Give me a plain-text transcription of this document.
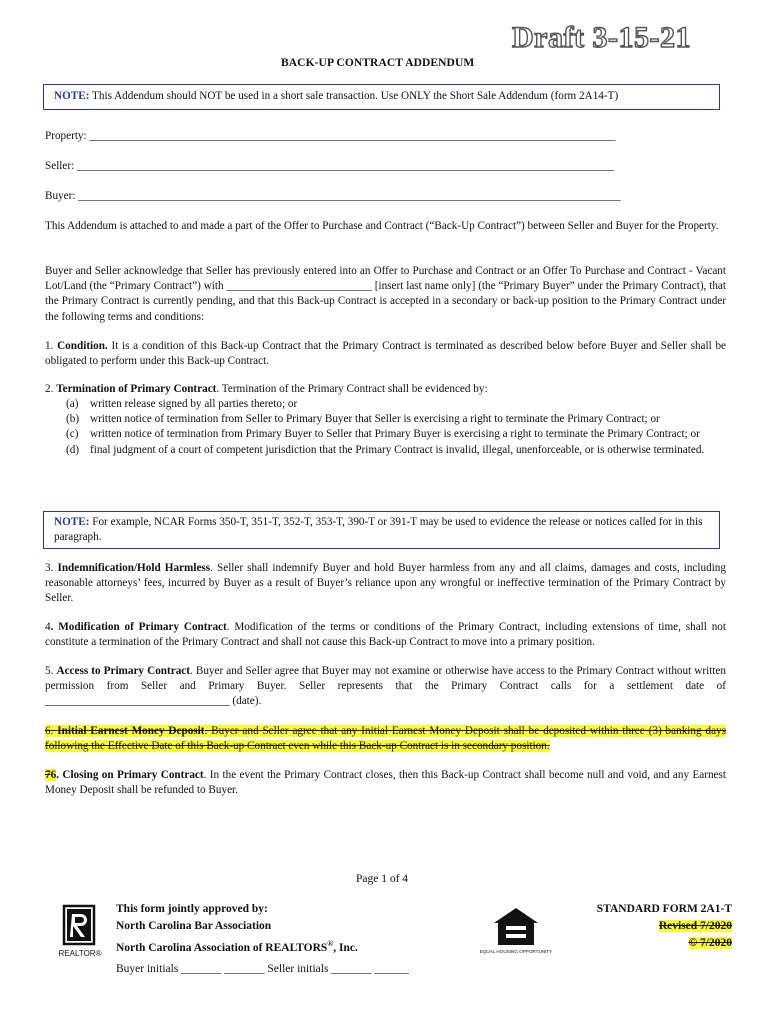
BACK-UP CONTRACT ADDENDUM
Draft 3-15-21
NOTE: This Addendum should NOT be used in a short sale transaction. Use ONLY the Short Sale Addendum (form 2A14-T)
Property: ______________________________________________________________________________________________
Seller: ________________________________________________________________________________________________
Buyer: _________________________________________________________________________________________________
This Addendum is attached to and made a part of the Offer to Purchase and Contract (“Back-Up Contract”) between Seller and Buyer for the Property.
Buyer and Seller acknowledge that Seller has previously entered into an Offer to Purchase and Contract or an Offer To Purchase and Contract - Vacant Lot/Land (the “Primary Contract”) with __________________________ [insert last name only] (the “Primary Buyer” under the Primary Contract), that the Primary Contract is currently pending, and that this Back-up Contract is accepted in a secondary or back-up position to the Primary Contract under the following terms and conditions:
1. Condition. It is a condition of this Back-up Contract that the Primary Contract is terminated as described below before Buyer and Seller shall be obligated to perform under this Back-up Contract.
2. Termination of Primary Contract. Termination of the Primary Contract shall be evidenced by:
(a)	written release signed by all parties thereto; or
(b) written notice of termination from Seller to Primary Buyer that Seller is exercising a right to terminate the Primary Contract; or
(c)	written notice of termination from Primary Buyer to Seller that Primary Buyer is exercising a right to terminate the Primary Contract; or
(d) final judgment of a court of competent jurisdiction that the Primary Contract is invalid, illegal, unenforceable, or is otherwise terminated.
NOTE: For example, NCAR Forms 350-T, 351-T, 352-T, 353-T, 390-T or 391-T may be used to evidence the release or notices called for in this paragraph.
3. Indemnification/Hold Harmless. Seller shall indemnify Buyer and hold Buyer harmless from any and all claims, damages and costs, including reasonable attorneys’ fees, incurred by Buyer as a result of Buyer’s reliance upon any wrongful or ineffective termination of the Primary Contract by Seller.
4. Modification of Primary Contract. Modification of the terms or conditions of the Primary Contract, including extensions of time, shall not constitute a termination of the Primary Contract and shall not cause this Back-up Contract to move into a primary position.
5. Access to Primary Contract. Buyer and Seller agree that Buyer may not examine or otherwise have access to the Primary Contract without written permission from Seller and Primary Buyer. Seller represents that the Primary Contract calls for a settlement date of _________________________________ (date).
6. Initial Earnest Money Deposit. Buyer and Seller agree that any Initial Earnest Money Deposit shall be deposited within three (3) banking days following the Effective Date of this Back-up Contract even while this Back-up Contract is in secondary position.
76. Closing on Primary Contract. In the event the Primary Contract closes, then this Back-up Contract shall become null and void, and any Earnest Money Deposit shall be refunded to Buyer.
Page 1 of 4
REALTOR®
This form jointly approved by:
North Carolina Bar Association
North Carolina Association of REALTORS®, Inc.	EQUAL HOUSING OPPORTUNITY
STANDARD FORM 2A1-T
Revised 7/2020
© 7/2020
Buyer initials _______ _______ Seller initials _______ ______
